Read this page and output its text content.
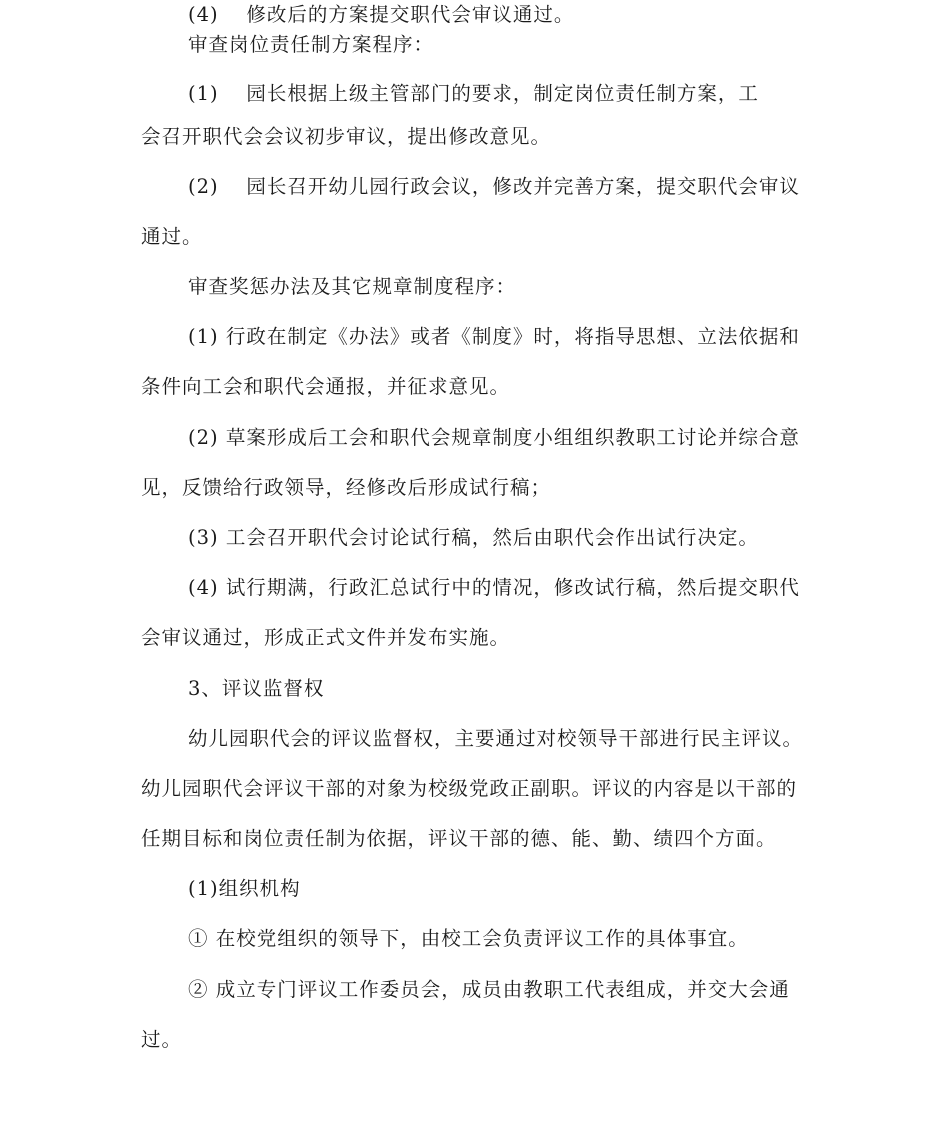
(4)　 修改后的方案提交职代会审议通过。
审查岗位责任制方案程序：
(1)　 园长根据上级主管部门的要求，制定岗位责任制方案，工
会召开职代会会议初步审议，提出修改意见。
(2)　 园长召开幼儿园行政会议，修改并完善方案，提交职代会审议
通过。
审查奖惩办法及其它规章制度程序：
(1) 行政在制定《办法》或者《制度》时，将指导思想、立法依据和
条件向工会和职代会通报，并征求意见。
(2) 草案形成后工会和职代会规章制度小组组织教职工讨论并综合意
见，反馈给行政领导，经修改后形成试行稿；
(3) 工会召开职代会讨论试行稿，然后由职代会作出试行决定。
(4) 试行期满，行政汇总试行中的情况，修改试行稿，然后提交职代
会审议通过，形成正式文件并发布实施。
3、评议监督权
幼儿园职代会的评议监督权，主要通过对校领导干部进行民主评议。
幼儿园职代会评议干部的对象为校级党政正副职。评议的内容是以干部的
任期目标和岗位责任制为依据，评议干部的德、能、勤、绩四个方面。
(1)组织机构
① 在校党组织的领导下，由校工会负责评议工作的具体事宜。
② 成立专门评议工作委员会，成员由教职工代表组成，并交大会通
过。
